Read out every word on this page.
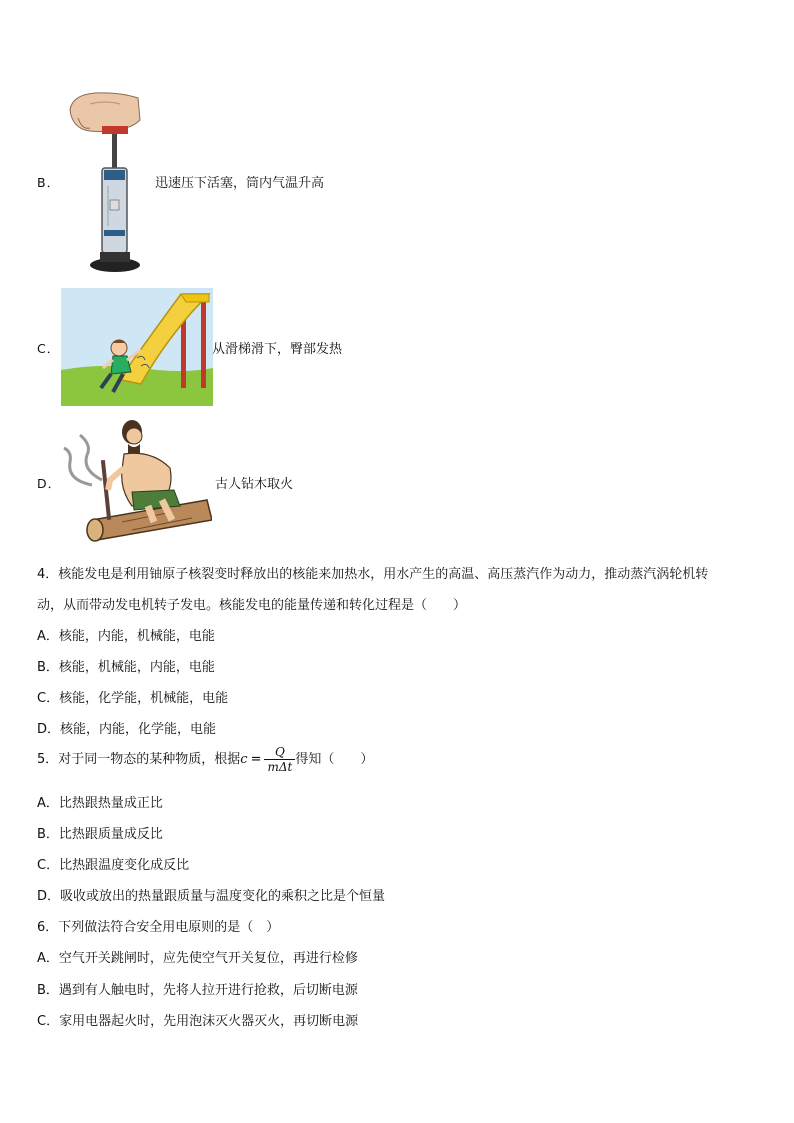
B．	迅速压下活塞，筒内气温升高
C．	从滑梯滑下，臀部发热
D．	古人钻木取火
4．核能发电是利用铀原子核裂变时释放出的核能来加热水，用水产生的高温、高压蒸汽作为动力，推动蒸汽涡轮机转
动，从而带动发电机转子发电。核能发电的能量传递和转化过程是（　　）
A．核能，内能，机械能，电能
B．核能，机械能，内能，电能
C．核能，化学能，机械能，电能
D．核能，内能，化学能，电能
5．对于同一物态的某种物质，根据$c = \frac{Q}{\text{mΔt}}$ 得知（　　）
A．比热跟热量成正比
B．比热跟质量成反比
C．比热跟温度变化成反比
D．吸收或放出的热量跟质量与温度变化的乘积之比是个恒量
6．下列做法符合安全用电原则的是（　）
A．空气开关跳闸时，应先使空气开关复位，再进行检修
B．遇到有人触电时，先将人拉开进行抢救，后切断电源
C．家用电器起火时，先用泡沫灭火器灭火，再切断电源
